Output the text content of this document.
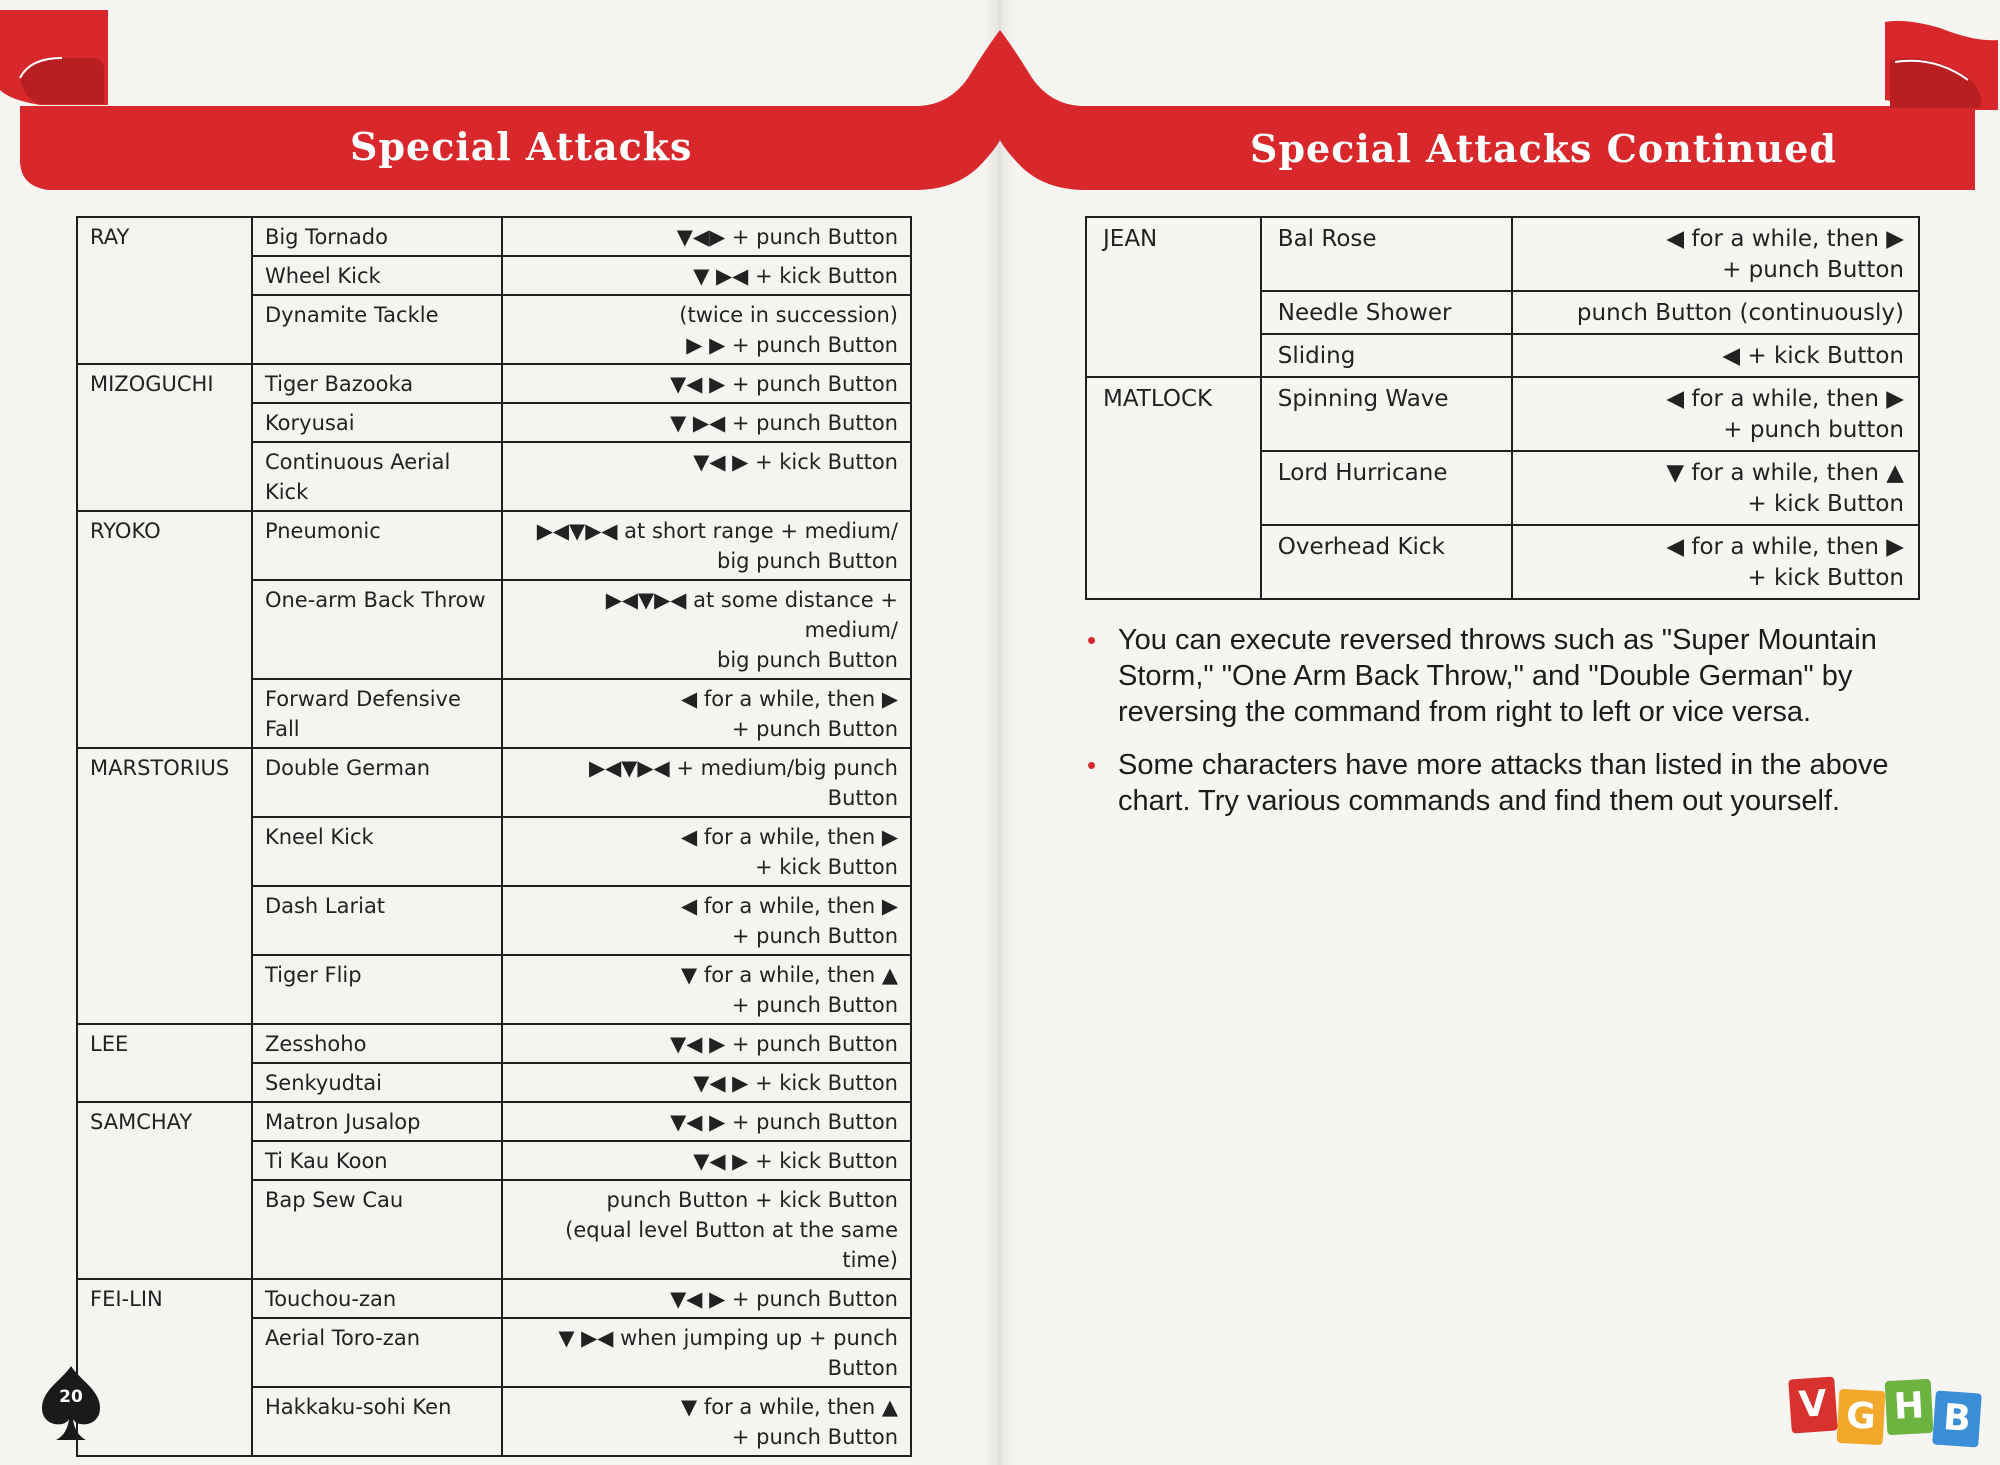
Special Attacks	Special Attacks Continued
RAY	Big Tornado	▼◀▶ + punch Button
	Wheel Kick	▼ ▶◀ + kick Button
	Dynamite Tackle	(twice in succession)
▶ ▶ + punch Button
MIZOGUCHI	Tiger Bazooka	▼◀ ▶ + punch Button
	Koryusai	▼ ▶◀ + punch Button
	Continuous Aerial Kick	▼◀ ▶ + kick Button
RYOKO	Pneumonic	▶◀▼▶◀ at short range + medium/
big punch Button
	One-arm Back Throw	▶◀▼▶◀ at some distance + medium/
big punch Button
	Forward Defensive Fall	◀ for a while, then ▶
+ punch Button
MARSTORIUS	Double German	▶◀▼▶◀ + medium/big punch Button
	Kneel Kick	◀ for a while, then ▶
+ kick Button
	Dash Lariat	◀ for a while, then ▶
+ punch Button
	Tiger Flip	▼ for a while, then ▲
+ punch Button
LEE	Zesshoho	▼◀ ▶ + punch Button
	Senkyudtai	▼◀ ▶ + kick Button
SAMCHAY	Matron Jusalop	▼◀ ▶ + punch Button
	Ti Kau Koon	▼◀ ▶ + kick Button
	Bap Sew Cau	punch Button + kick Button
(equal level Button at the same time)
FEI-LIN	Touchou-zan	▼◀ ▶ + punch Button
	Aerial Toro-zan	▼ ▶◀ when jumping up + punch Button
	Hakkaku-sohi Ken	▼ for a while, then ▲
+ punch Button
JEAN	Bal Rose	◀ for a while, then ▶
+ punch Button
	Needle Shower	punch Button (continuously)
	Sliding	◀ + kick Button
MATLOCK	Spinning Wave	◀ for a while, then ▶
+ punch button
	Lord Hurricane	▼ for a while, then ▲
+ kick Button
	Overhead Kick	◀ for a while, then ▶
+ kick Button
• You can execute reversed throws such as "Super Mountain Storm," "One Arm Back Throw," and "Double German" by reversing the command from right to left or vice versa.
• Some characters have more attacks than listed in the above chart. Try various commands and find them out yourself.
20	V G H B
